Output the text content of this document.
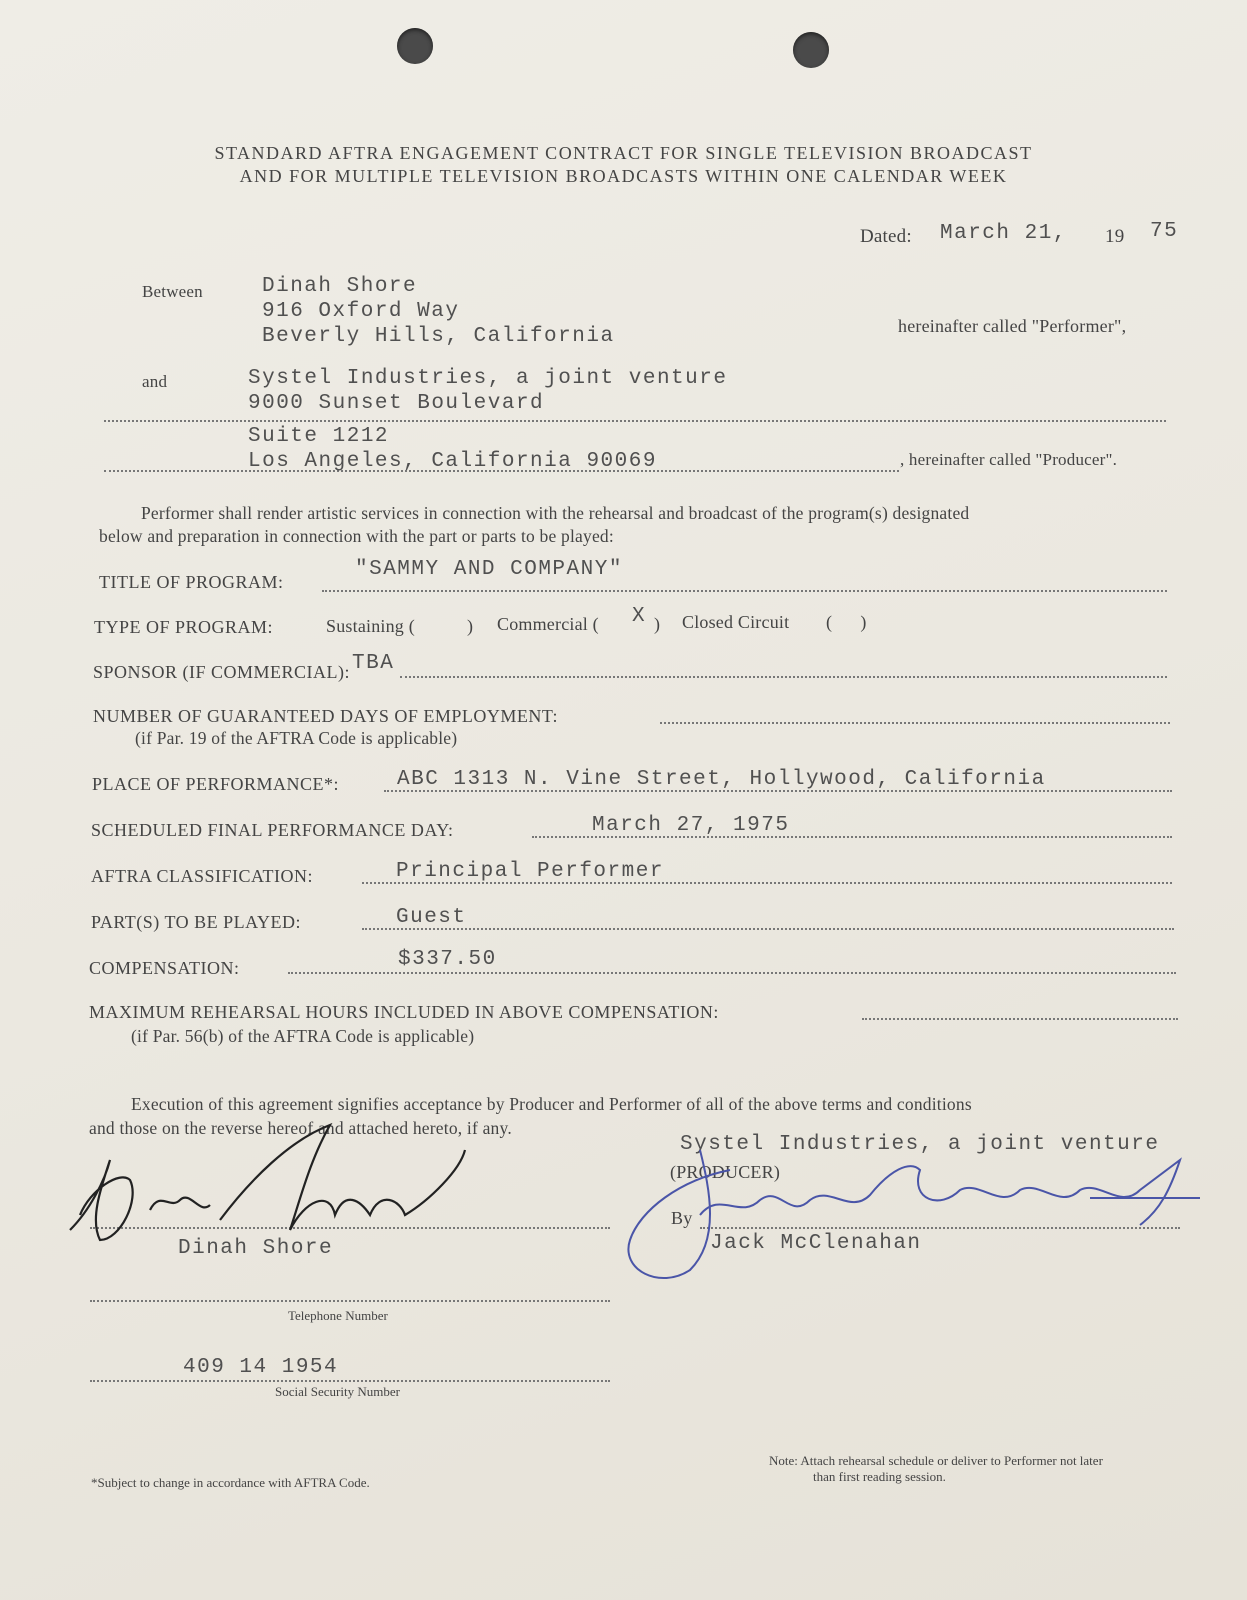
STANDARD AFTRA ENGAGEMENT CONTRACT FOR SINGLE TELEVISION BROADCAST
AND FOR MULTIPLE TELEVISION BROADCASTS WITHIN ONE CALENDAR WEEK
Dated: March 21, 19 75
Between	Dinah Shore
916 Oxford Way
Beverly Hills, California	hereinafter called "Performer",
and	Systel Industries, a joint venture
9000 Sunset Boulevard
Suite 1212
Los Angeles, California 90069	, hereinafter called "Producer".
Performer shall render artistic services in connection with the rehearsal and broadcast of the program(s) designated
below and preparation in connection with the part or parts to be played:
TITLE OF PROGRAM:
"SAMMY AND COMPANY"
TYPE OF PROGRAM:	Sustaining (	) Commercial ( X ) Closed Circuit (      )
SPONSOR (IF COMMERCIAL): TBA
NUMBER OF GUARANTEED DAYS OF EMPLOYMENT:
(if Par. 19 of the AFTRA Code is applicable)
PLACE OF PERFORMANCE*:	ABC 1313 N. Vine Street, Hollywood, California
SCHEDULED FINAL PERFORMANCE DAY:	March 27, 1975
AFTRA CLASSIFICATION:	Principal Performer
PART(S) TO BE PLAYED:	Guest
COMPENSATION:	$337.50
MAXIMUM REHEARSAL HOURS INCLUDED IN ABOVE COMPENSATION:
(if Par. 56(b) of the AFTRA Code is applicable)
Execution of this agreement signifies acceptance by Producer and Performer of all of the above terms and conditions
and those on the reverse hereof and attached hereto, if any.
Systel Industries, a joint venture
(PRODUCER)
By
Jack McClenahan
Dinah Shore
Telephone Number
409 14 1954
Social Security Number
*Subject to change in accordance with AFTRA Code.
Note: Attach rehearsal schedule or deliver to Performer not later
than first reading session.
